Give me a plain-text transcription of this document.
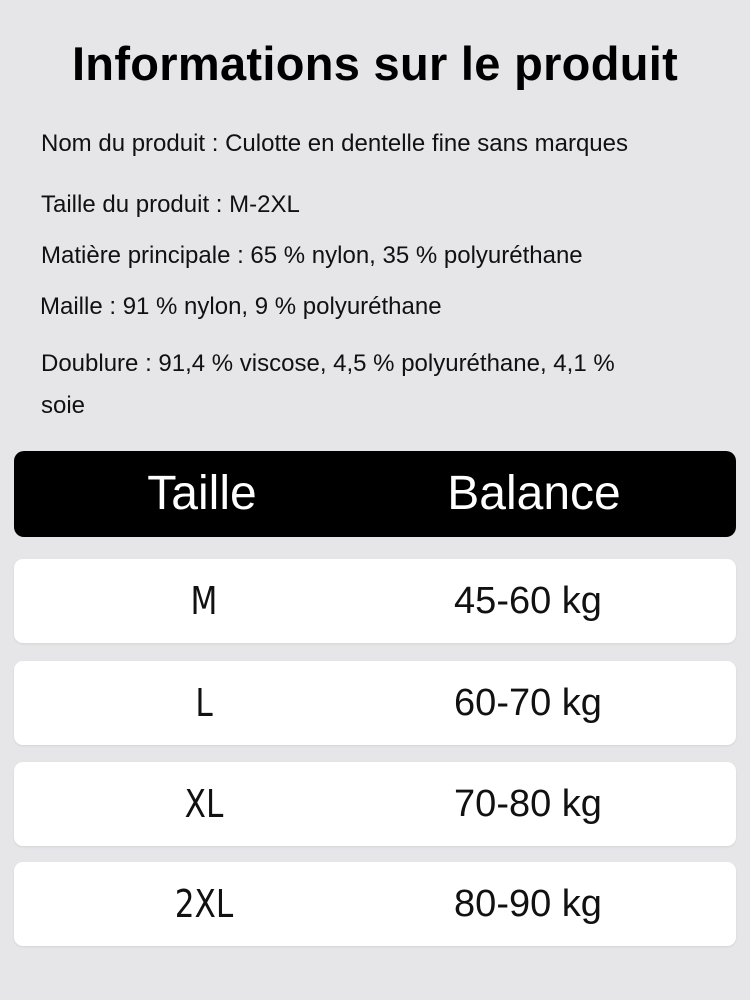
Informations sur le produit

Nom du produit : Culotte en dentelle fine sans marques

Taille du produit : M-2XL

Matière principale : 65 % nylon, 35 % polyuréthane

Maille : 91 % nylon, 9 % polyuréthane

Doublure : 91,4 % viscose, 4,5 % polyuréthane, 4,1 % soie

Taille	Balance
M	45-60 kg
L	60-70 kg
XL	70-80 kg
2XL	80-90 kg
